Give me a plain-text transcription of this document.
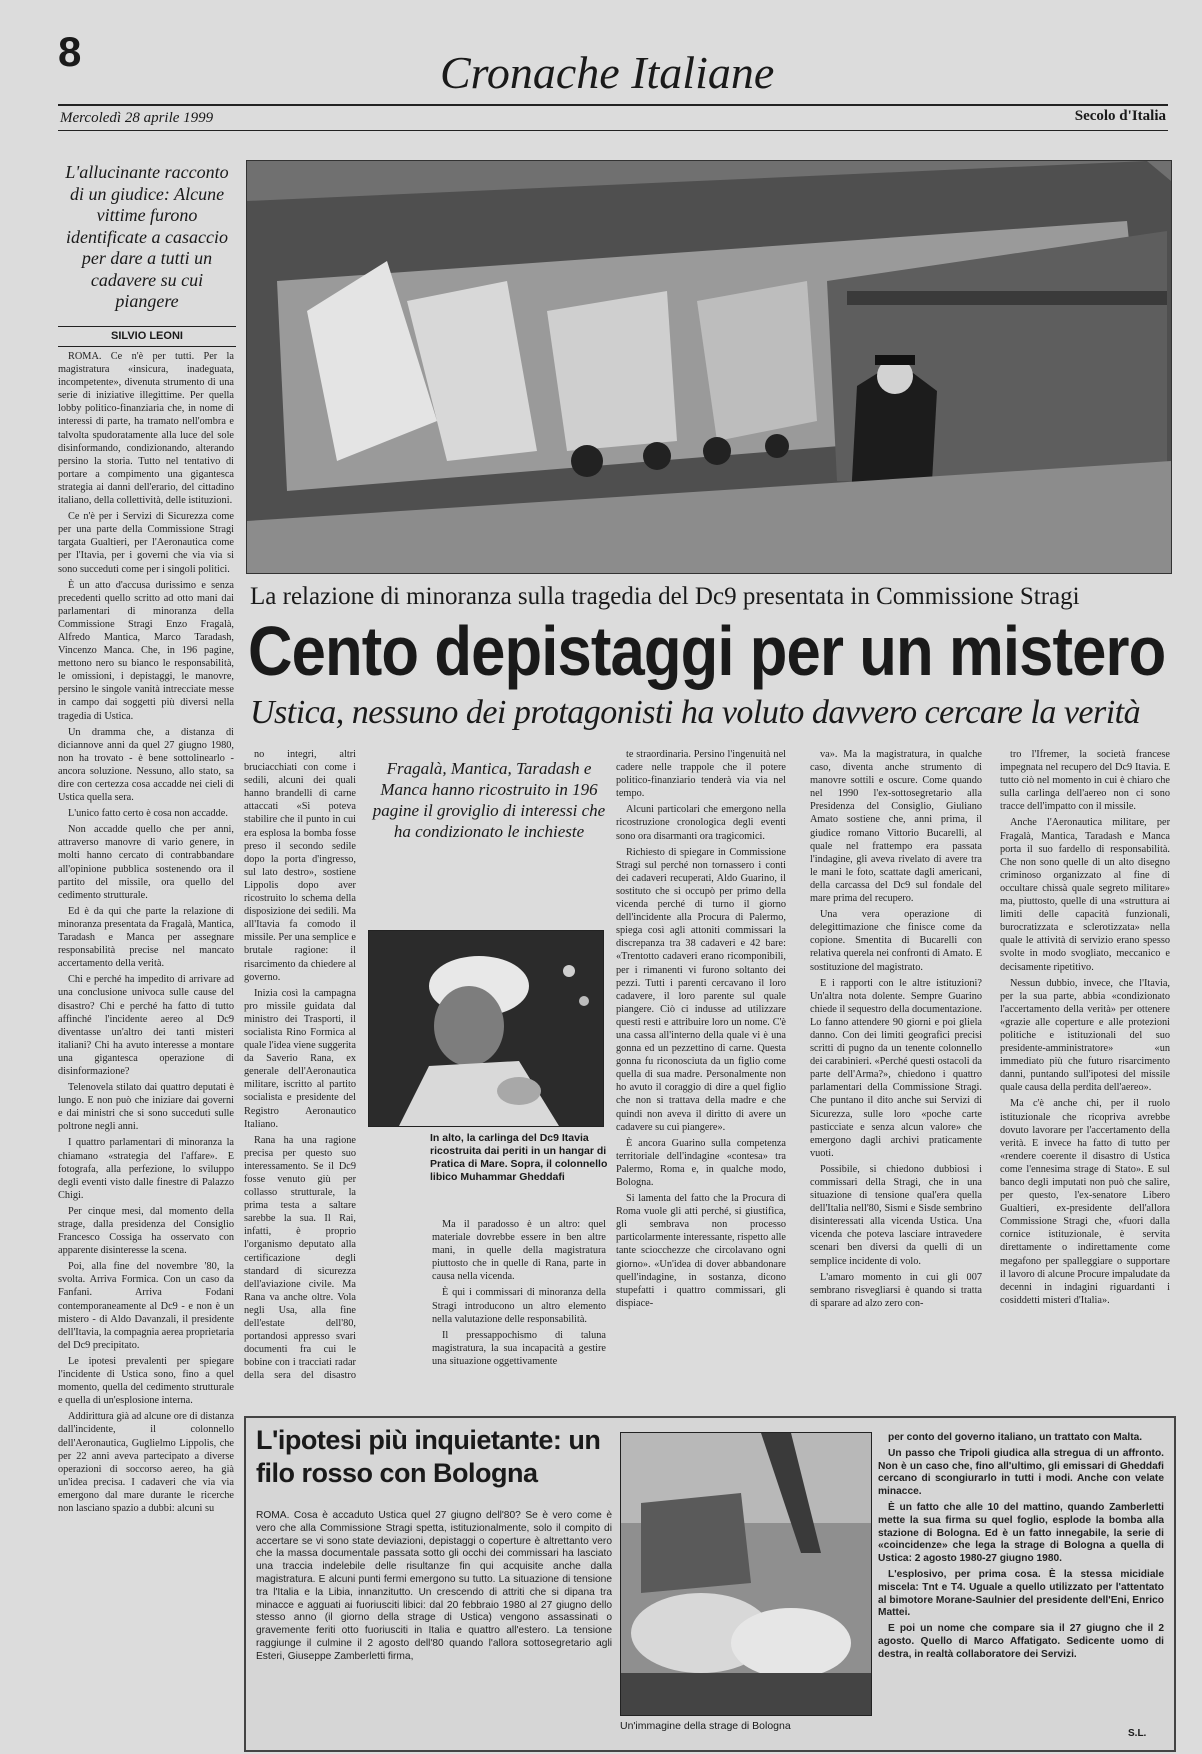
8	Cronache Italiane
Mercoledì 28 aprile 1999	Secolo d'Italia
L'allucinante racconto di un giudice: Alcune vittime furono identificate a casaccio per dare a tutti un cadavere su cui piangere
SILVIO LEONI

ROMA. Ce n'è per tutti. Per la magistratura «insicura, inadeguata, incompetente», divenuta strumento di una serie di iniziative illegittime. Per quella lobby politico-finanziaria che, in nome di interessi di parte, ha tramato nell'ombra e talvolta spudoratamente alla luce del sole disinformando, condizionando, alterando persino la storia. Tutto nel tentativo di portare a compimento una gigantesca strategia ai danni dell'erario, del cittadino italiano, della collettività, delle istituzioni.

Ce n'è per i Servizi di Sicurezza come per una parte della Commissione Stragi targata Gualtieri, per l'Aeronautica come per l'Itavia, per i governi che via via si sono succeduti come per i singoli politici.

È un atto d'accusa durissimo e senza precedenti quello scritto ad otto mani dai parlamentari di minoranza della Commissione Stragi Enzo Fragalà, Alfredo Mantica, Marco Taradash, Vincenzo Manca. Che, in 196 pagine, mettono nero su bianco le responsabilità, le omissioni, i depistaggi, le manovre, persino le singole vanità intrecciate messe in campo dai soggetti più diversi nella tragedia di Ustica.

Un dramma che, a distanza di diciannove anni da quel 27 giugno 1980, non ha trovato - è bene sottolinearlo - ancora soluzione. Nessuno, allo stato, sa dire con certezza cosa accadde nei cieli di Ustica quella sera.

L'unico fatto certo è cosa non accadde.

Non accadde quello che per anni, attraverso manovre di vario genere, in molti hanno cercato di contrabbandare all'opinione pubblica sostenendo ora il partito del missile, ora quello del cedimento strutturale.

Ed è da qui che parte la relazione di minoranza presentata da Fragalà, Mantica, Taradash e Manca per assegnare responsabilità precise nel mancato accertamento della verità.

Chi e perché ha impedito di arrivare ad una conclusione univoca sulle cause del disastro? Chi e perché ha fatto di tutto affinché l'incidente aereo al Dc9 diventasse un'altro dei tanti misteri italiani? Chi ha avuto interesse a montare una gigantesca operazione di disinformazione?

Telenovela stilato dai quattro deputati è lungo. E non può che iniziare dai governi e dai ministri che si sono succeduti sulle poltrone negli anni.

I quattro parlamentari di minoranza la chiamano «strategia del l'affare». E fotografa, alla perfezione, lo sviluppo degli eventi visto dalle finestre di Palazzo Chigi.

Per cinque mesi, dal momento della strage, dalla presidenza del Consiglio Francesco Cossiga ha osservato con apparente disinteresse la scena.

Poi, alla fine del novembre '80, la svolta. Arriva Formica. Con un caso da Fanfani. Arriva Fodani contemporaneamente al Dc9 - e non è un mistero - di Aldo Davanzali, il presidente dell'Itavia, la compagnia aerea proprietaria del Dc9 precipitato.

Le ipotesi prevalenti per spiegare l'incidente di Ustica sono, fino a quel momento, quella del cedimento strutturale e quella di un'esplosione interna.

Addirittura già ad alcune ore di distanza dall'incidente, il colonnello dell'Aeronautica, Guglielmo Lippolis, che per 22 anni aveva partecipato a diverse operazioni di soccorso aereo, ha già un'idea precisa. I cadaveri che via via emergono dal mare durante le ricerche non lasciano spazio a dubbi: alcuni su

La relazione di minoranza sulla tragedia del Dc9 presentata in Commissione Stragi
Cento depistaggi per un mistero
Ustica, nessuno dei protagonisti ha voluto davvero cercare la verità

no integri, altri bruciacchiati con come i sedili, alcuni dei quali hanno brandelli di carne attaccati «Si poteva stabilire che il punto in cui era esplosa la bomba fosse preso il secondo sedile dopo la porta d'ingresso, sul lato destro», sostiene Lippolis dopo aver ricostruito lo schema della disposizione dei sedili. Ma all'Itavia fa comodo il missile. Per una semplice e brutale ragione: il risarcimento da chiedere al governo.

Inizia così la campagna pro missile guidata dal ministro dei Trasporti, il socialista Rino Formica al quale l'idea viene suggerita da Saverio Rana, ex generale dell'Aeronautica militare, iscritto al partito socialista e presidente del Registro Aeronautico Italiano.

Rana ha una ragione precisa per questo suo interessamento. Se il Dc9 fosse venuto giù per collasso strutturale, la prima testa a saltare sarebbe la sua. Il Rai, infatti, è proprio l'organismo deputato alla certificazione degli standard di sicurezza dell'aviazione civile. Ma Rana va anche oltre. Vola negli Usa, alla fine dell'estate dell'80, portandosi appresso svari documenti fra cui le bobine con i tracciati radar della sera del disastro

Fragalà, Mantica, Taradash e Manca hanno ricostruito in 196 pagine il groviglio di interessi che ha condizionato le inchieste
In alto, la carlinga del Dc9 Itavia ricostruita dai periti in un hangar di Pratica di Mare. Sopra, il colonnello libico Muhammar Gheddafi

Ma il paradosso è un altro: quel materiale dovrebbe essere in ben altre mani, in quelle della magistratura piuttosto che in quelle di Rana, parte in causa nella vicenda.

È qui i commissari di minoranza della Stragi introducono un altro elemento nella valutazione delle responsabilità.

Il pressappochismo di taluna magistratura, la sua incapacità a gestire una situazione oggettivamente

te straordinaria. Persino l'ingenuità nel cadere nelle trappole che il potere politico-finanziario tenderà via via nel tempo.

Alcuni particolari che emergono nella ricostruzione cronologica degli eventi sono ora disarmanti ora tragicomici.

Richiesto di spiegare in Commissione Stragi sul perché non tornassero i conti dei cadaveri recuperati, Aldo Guarino, il sostituto che si occupò per primo della vicenda perché di turno il giorno dell'incidente alla Procura di Palermo, spiega così agli attoniti commissari la discrepanza tra 38 cadaveri e 42 bare: «Trentotto cadaveri erano ricomponibili, per i rimanenti vi furono soltanto dei pezzi. Tutti i parenti cercavano il loro cadavere, il loro parente sul quale piangere. Ciò ci indusse ad utilizzare questi resti e attribuire loro un nome. C'è una cassa all'interno della quale vi è una gonna ed un pezzettino di carne. Questa gonna fu riconosciuta da un figlio come quella di sua madre. Personalmente non ho avuto il coraggio di dire a quel figlio che non si trattava della madre e che quindi non aveva il diritto di avere un cadavere su cui piangere».

È ancora Guarino sulla competenza territoriale dell'indagine «contesa» tra Palermo, Roma e, in qualche modo, Bologna.

Si lamenta del fatto che la Procura di Roma vuole gli atti perché, si giustifica, gli sembrava non processo particolarmente interessante, rispetto alle tante sciocchezze che circolavano ogni giorno». «Un'idea di dover abbandonare quell'indagine, in sostanza, dicono stupefatti i quattro commissari, gli dispiace-

va». Ma la magistratura, in qualche caso, diventa anche strumento di manovre sottili e oscure. Come quando nel 1990 l'ex-sottosegretario alla Presidenza del Consiglio, Giuliano Amato sostiene che, anni prima, il giudice romano Vittorio Bucarelli, al quale nel frattempo era passata l'indagine, gli aveva rivelato di avere tra le mani le foto, scattate dagli americani, della carcassa del Dc9 sul fondale del mare prima del recupero.

Una vera operazione di delegittimazione che finisce come da copione. Smentita di Bucarelli con relativa querela nei confronti di Amato. E sostituzione del magistrato.

E i rapporti con le altre istituzioni? Un'altra nota dolente. Sempre Guarino chiede il sequestro della documentazione. Lo fanno attendere 90 giorni e poi gliela danno. Con dei limiti geografici precisi scritti di pugno da un tenente colonnello dei carabinieri. «Perché questi ostacoli da parte dell'Arma?», chiedono i quattro parlamentari della Commissione Stragi. Che puntano il dito anche sui Servizi di Sicurezza, sulle loro «poche carte pasticciate e senza alcun valore» che emergono dagli archivi praticamente vuoti.

Possibile, si chiedono dubbiosi i commissari della Stragi, che in una situazione di tensione qual'era quella dell'Italia nell'80, Sismi e Sisde sembrino disinteressati alla vicenda Ustica. Una vicenda che poteva lasciare intravedere scenari ben diversi da quelli di un semplice incidente di volo.

L'amaro momento in cui gli 007 sembrano risvegliarsi è quando si tratta di sparare ad alzo zero con-

tro l'Ifremer, la società francese impegnata nel recupero del Dc9 Itavia. E tutto ciò nel momento in cui è chiaro che sulla carlinga dell'aereo non ci sono tracce dell'impatto con il missile.

Anche l'Aeronautica militare, per Fragalà, Mantica, Taradash e Manca porta il suo fardello di responsabilità. Che non sono quelle di un alto disegno criminoso organizzato al fine di occultare chissà quale segreto militare» ma, piuttosto, quelle di una «struttura ai limiti delle capacità funzionali, burocratizzata e sclerotizzata» nella quale le attività di servizio erano spesso svolte in modo svogliato, meccanico e decisamente ripetitivo.

Nessun dubbio, invece, che l'Itavia, per la sua parte, abbia «condizionato l'accertamento della verità» per ottenere «grazie alle coperture e alle protezioni politiche e istituzionali del suo presidente-amministratore» «un immediato più che futuro risarcimento danni, puntando sull'ipotesi del missile quale causa della perdita dell'aereo».

Ma c'è anche chi, per il ruolo istituzionale che ricopriva avrebbe dovuto lavorare per l'accertamento della verità. E invece ha fatto di tutto per «rendere coerente il disastro di Ustica come l'ennesima strage di Stato». E sul banco degli imputati non può che salire, per questo, l'ex-senatore Libero Gualtieri, ex-presidente dell'allora Commissione Stragi che, «fuori dalla cornice istituzionale, è servita direttamente o indirettamente come megafono per spalleggiare o supportare il lavoro di alcune Procure impaludate da decenni in indagini riguardanti i cosiddetti misteri d'Italia».

L'ipotesi più inquietante: un filo rosso con Bologna
ROMA. Cosa è accaduto Ustica quel 27 giugno dell'80? Se è vero come è vero che alla Commissione Stragi spetta, istituzionalmente, solo il compito di accertare se vi sono state deviazioni, depistaggi o coperture è altrettanto vero che la massa documentale passata sotto gli occhi dei commissari ha lasciato una traccia indelebile delle risultanze fin qui acquisite anche dalla magistratura. E alcuni punti fermi emergono su tutto. La situazione di tensione tra l'Italia e la Libia, innanzitutto. Un crescendo di attriti che si dipana tra minacce e agguati ai fuoriusciti libici: dal 20 febbraio 1980 al 27 giugno dello stesso anno (il giorno della strage di Ustica) vengono assassinati o gravemente feriti otto fuoriusciti in Italia e quattro all'estero. La tensione raggiunge il culmine il 2 agosto dell'80 quando l'allora sottosegretario agli Esteri, Giuseppe Zamberletti firma,
Un'immagine della strage di Bologna

per conto del governo italiano, un trattato con Malta.

Un passo che Tripoli giudica alla stregua di un affronto. Non è un caso che, fino all'ultimo, gli emissari di Gheddafi cercano di scongiurarlo in tutti i modi. Anche con velate minacce.

È un fatto che alle 10 del mattino, quando Zamberletti mette la sua firma su quel foglio, esplode la bomba alla stazione di Bologna. Ed è un fatto innegabile, la serie di «coincidenze» che lega la strage di Bologna a quella di Ustica: 2 agosto 1980-27 giugno 1980.

L'esplosivo, per prima cosa. È la stessa micidiale miscela: Tnt e T4. Uguale a quello utilizzato per l'attentato al bimotore Morane-Saulnier del presidente dell'Eni, Enrico Mattei.

E poi un nome che compare sia il 27 giugno che il 2 agosto. Quello di Marco Affatigato. Sedicente uomo di destra, in realtà collaboratore dei Servizi.

S.L.
